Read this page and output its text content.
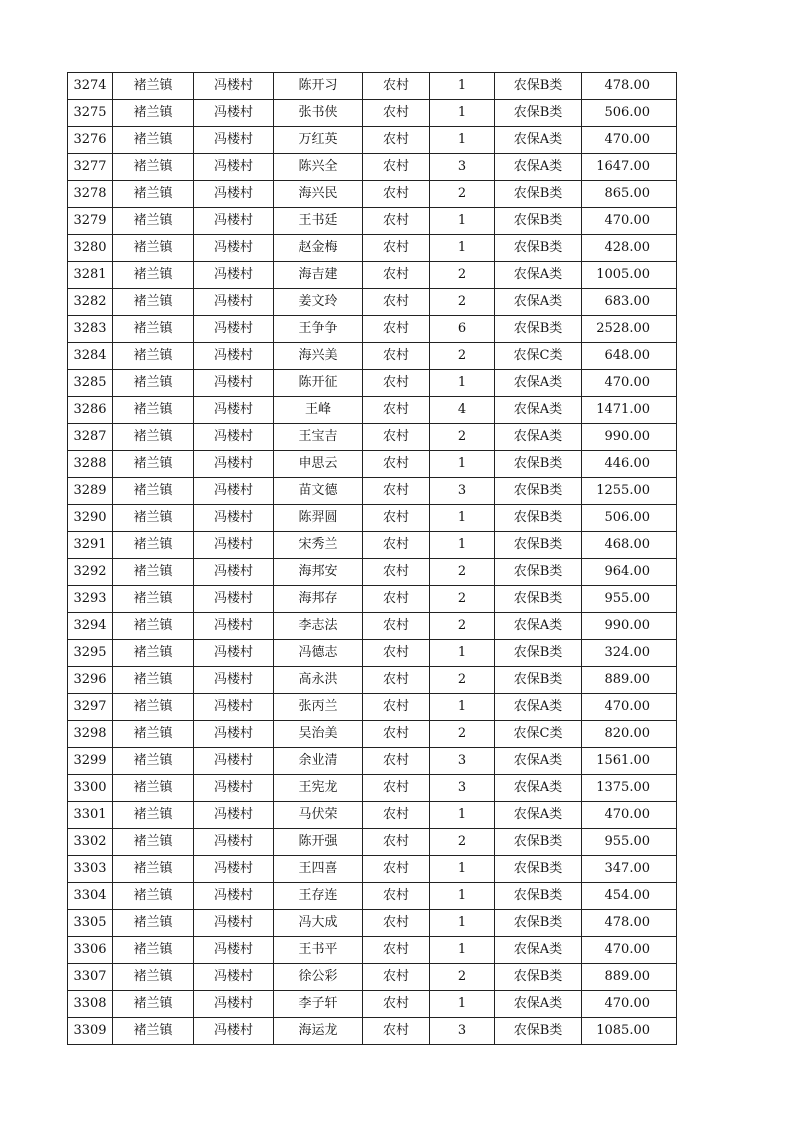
3274	褚兰镇	冯楼村	陈开习	农村	1	农保B类	478.00
3275	褚兰镇	冯楼村	张书侠	农村	1	农保B类	506.00
3276	褚兰镇	冯楼村	万红英	农村	1	农保A类	470.00
3277	褚兰镇	冯楼村	陈兴全	农村	3	农保A类	1647.00
3278	褚兰镇	冯楼村	海兴民	农村	2	农保B类	865.00
3279	褚兰镇	冯楼村	王书廷	农村	1	农保B类	470.00
3280	褚兰镇	冯楼村	赵金梅	农村	1	农保B类	428.00
3281	褚兰镇	冯楼村	海吉建	农村	2	农保A类	1005.00
3282	褚兰镇	冯楼村	姜文玲	农村	2	农保A类	683.00
3283	褚兰镇	冯楼村	王争争	农村	6	农保B类	2528.00
3284	褚兰镇	冯楼村	海兴美	农村	2	农保C类	648.00
3285	褚兰镇	冯楼村	陈开征	农村	1	农保A类	470.00
3286	褚兰镇	冯楼村	王峰	农村	4	农保A类	1471.00
3287	褚兰镇	冯楼村	王宝吉	农村	2	农保A类	990.00
3288	褚兰镇	冯楼村	申思云	农村	1	农保B类	446.00
3289	褚兰镇	冯楼村	苗文德	农村	3	农保B类	1255.00
3290	褚兰镇	冯楼村	陈羿圆	农村	1	农保B类	506.00
3291	褚兰镇	冯楼村	宋秀兰	农村	1	农保B类	468.00
3292	褚兰镇	冯楼村	海邦安	农村	2	农保B类	964.00
3293	褚兰镇	冯楼村	海邦存	农村	2	农保B类	955.00
3294	褚兰镇	冯楼村	李志法	农村	2	农保A类	990.00
3295	褚兰镇	冯楼村	冯德志	农村	1	农保B类	324.00
3296	褚兰镇	冯楼村	高永洪	农村	2	农保B类	889.00
3297	褚兰镇	冯楼村	张丙兰	农村	1	农保A类	470.00
3298	褚兰镇	冯楼村	吴治美	农村	2	农保C类	820.00
3299	褚兰镇	冯楼村	余业清	农村	3	农保A类	1561.00
3300	褚兰镇	冯楼村	王宪龙	农村	3	农保A类	1375.00
3301	褚兰镇	冯楼村	马伏荣	农村	1	农保A类	470.00
3302	褚兰镇	冯楼村	陈开强	农村	2	农保B类	955.00
3303	褚兰镇	冯楼村	王四喜	农村	1	农保B类	347.00
3304	褚兰镇	冯楼村	王存连	农村	1	农保B类	454.00
3305	褚兰镇	冯楼村	冯大成	农村	1	农保B类	478.00
3306	褚兰镇	冯楼村	王书平	农村	1	农保A类	470.00
3307	褚兰镇	冯楼村	徐公彩	农村	2	农保B类	889.00
3308	褚兰镇	冯楼村	李子轩	农村	1	农保A类	470.00
3309	褚兰镇	冯楼村	海运龙	农村	3	农保B类	1085.00
